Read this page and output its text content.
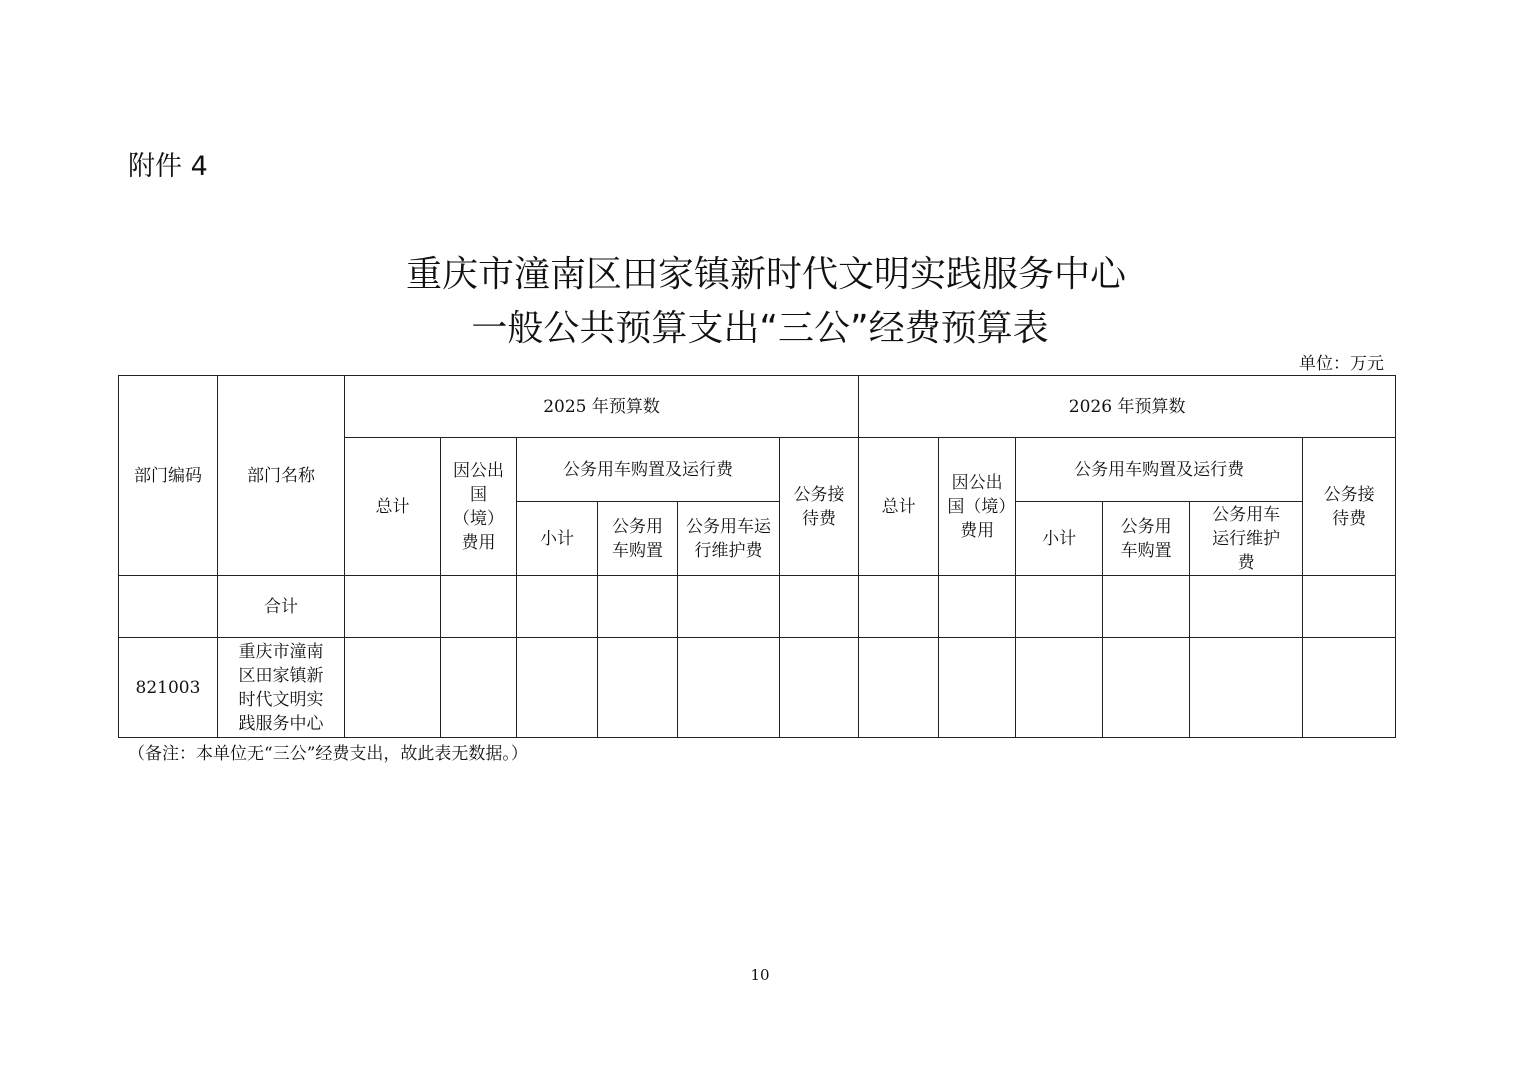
附件 4
重庆市潼南区田家镇新时代文明实践服务中心
一般公共预算支出“三公”经费预算表
单位：万元
部门编码	部门名称	2025 年预算数						2026 年预算数					
		总计	因公出国（境）费用	公务用车购置及运行费			公务接待费	总计	因公出国（境）费用	公务用车购置及运行费			公务接待费
				小计	公务用车购置	公务用车运行维护费				小计	公务用车购置	公务用车运行维护费	
	合计												
821003	重庆市潼南区田家镇新时代文明实践服务中心												
（备注：本单位无“三公”经费支出，故此表无数据。）
10
